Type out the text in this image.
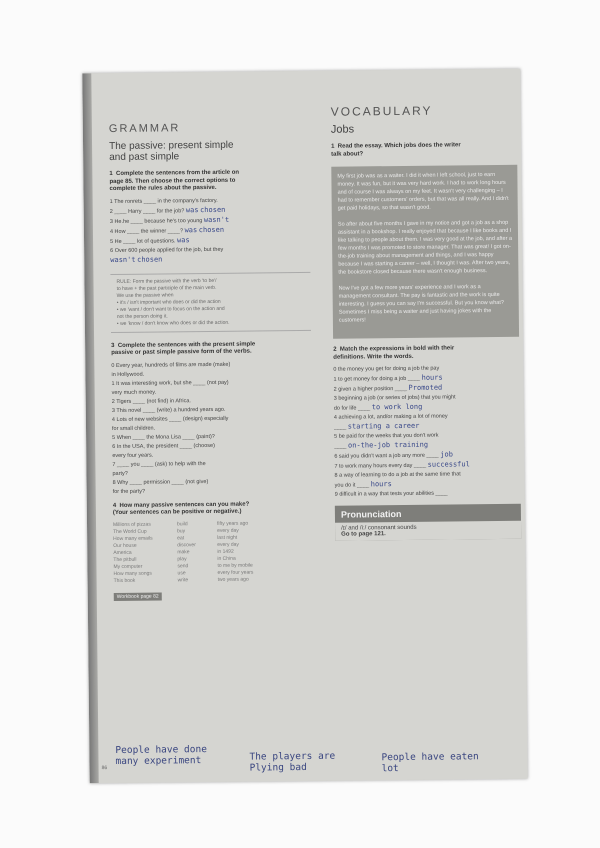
GRAMMAR
The passive: present simple
and past simple
1 Complete the sentences from the article on
page 85. Then choose the correct options to
complete the rules about the passive.
1 The ronrets ____ in the company's factory.
2 ____ Harry ____ for the job? was chosen
3 He.he ____ because he's too young wasn't
4 How ____ the winner ____? was chosen
5 He ____ lot of questions. was
6 Over 600 people applied for the job, but they
wasn't chosen
RULE: Form the passive with the verb 'to be'/
to have + the past participle of the main verb.
We use the passive when
• it's / isn't important who does or did the action
• we 'want / don't want to focus on the action and
not the person doing it.
• we 'know / don't know who does or did the action.
3 Complete the sentences with the present simple
passive or past simple passive form of the verbs.
0 Every year, hundreds of films are made (make)
in Hollywood.
1 It was interesting work, but she ____ (not pay)
very much money.
2 Tigers ____ (not find) in Africa.
3 This novel ____ (write) a hundred years ago.
4 Lots of new websites ____ (design) especially
for small children.
5 When ____ the Mona Lisa ____ (paint)?
6 In the USA, the president ____ (choose)
every four years.
7 ____ you ____ (ask) to help with the
party?
8 Why ____ permission ____ (not give)
for the party?
4 How many passive sentences can you make?
(Your sentences can be positive or negative.)
Millions of pizzas	build	fifty years ago
The World Cup	buy	every day
How many emails	eat	last night
Our house	discover	every day
America	make	in 1492
The pitbull	play	in China
My computer	send	to me by mobile
How many songs	use	every four years
This book	write	two years ago
Workbook page 82
VOCABULARY
Jobs
1 Read the essay. Which jobs does the writer
talk about?

My first job was as a waiter. I did it when I left school, just to earn money. It was fun, but it was very hard work. I had to work long hours and of course I was always on my feet. It wasn't very challenging – I had to remember customers' orders, but that was all really. And I didn't get paid holidays, so that wasn't good.

So after about five months I gave in my notice and got a job as a shop assistant in a bookshop. I really enjoyed that because I like books and I like talking to people about them. I was very good at the job, and after a few months I was promoted to store manager. That was great! I got on-the-job training about management and things, and I was happy because I was starting a career – well, I thought I was. After two years, the bookstore closed because there wasn't enough business.

Now I've got a few more years' experience and I work as a management consultant. The pay is fantastic and the work is quite interesting. I guess you can say I'm successful. But you know what? Sometimes I miss being a waiter and just having jokes with the customers!

2 Match the expressions in bold with their
definitions. Write the words.
0 the money you get for doing a job the pay
1 to get money for doing a job ____ hours
2 given a higher position ____ Promoted
3 beginning a job (or series of jobs) that you might
do for life ____ to work long
4 achieving a lot, and/or making a lot of money
____ starting a career
5 be paid for the weeks that you don't work
____ on-the-job training
6 said you didn't want a job any more ____ job
7 to work many hours every day ____ successful
8 a way of learning to do a job at the same time that
you do it ____ hours
9 difficult in a way that tests your abilities ____
Pronunciation
/ɪ/ and /iː/ consonant sounds
Go to page 121.
86
People have done
many experiment	The players are
Plying bad
People have eaten
lot
